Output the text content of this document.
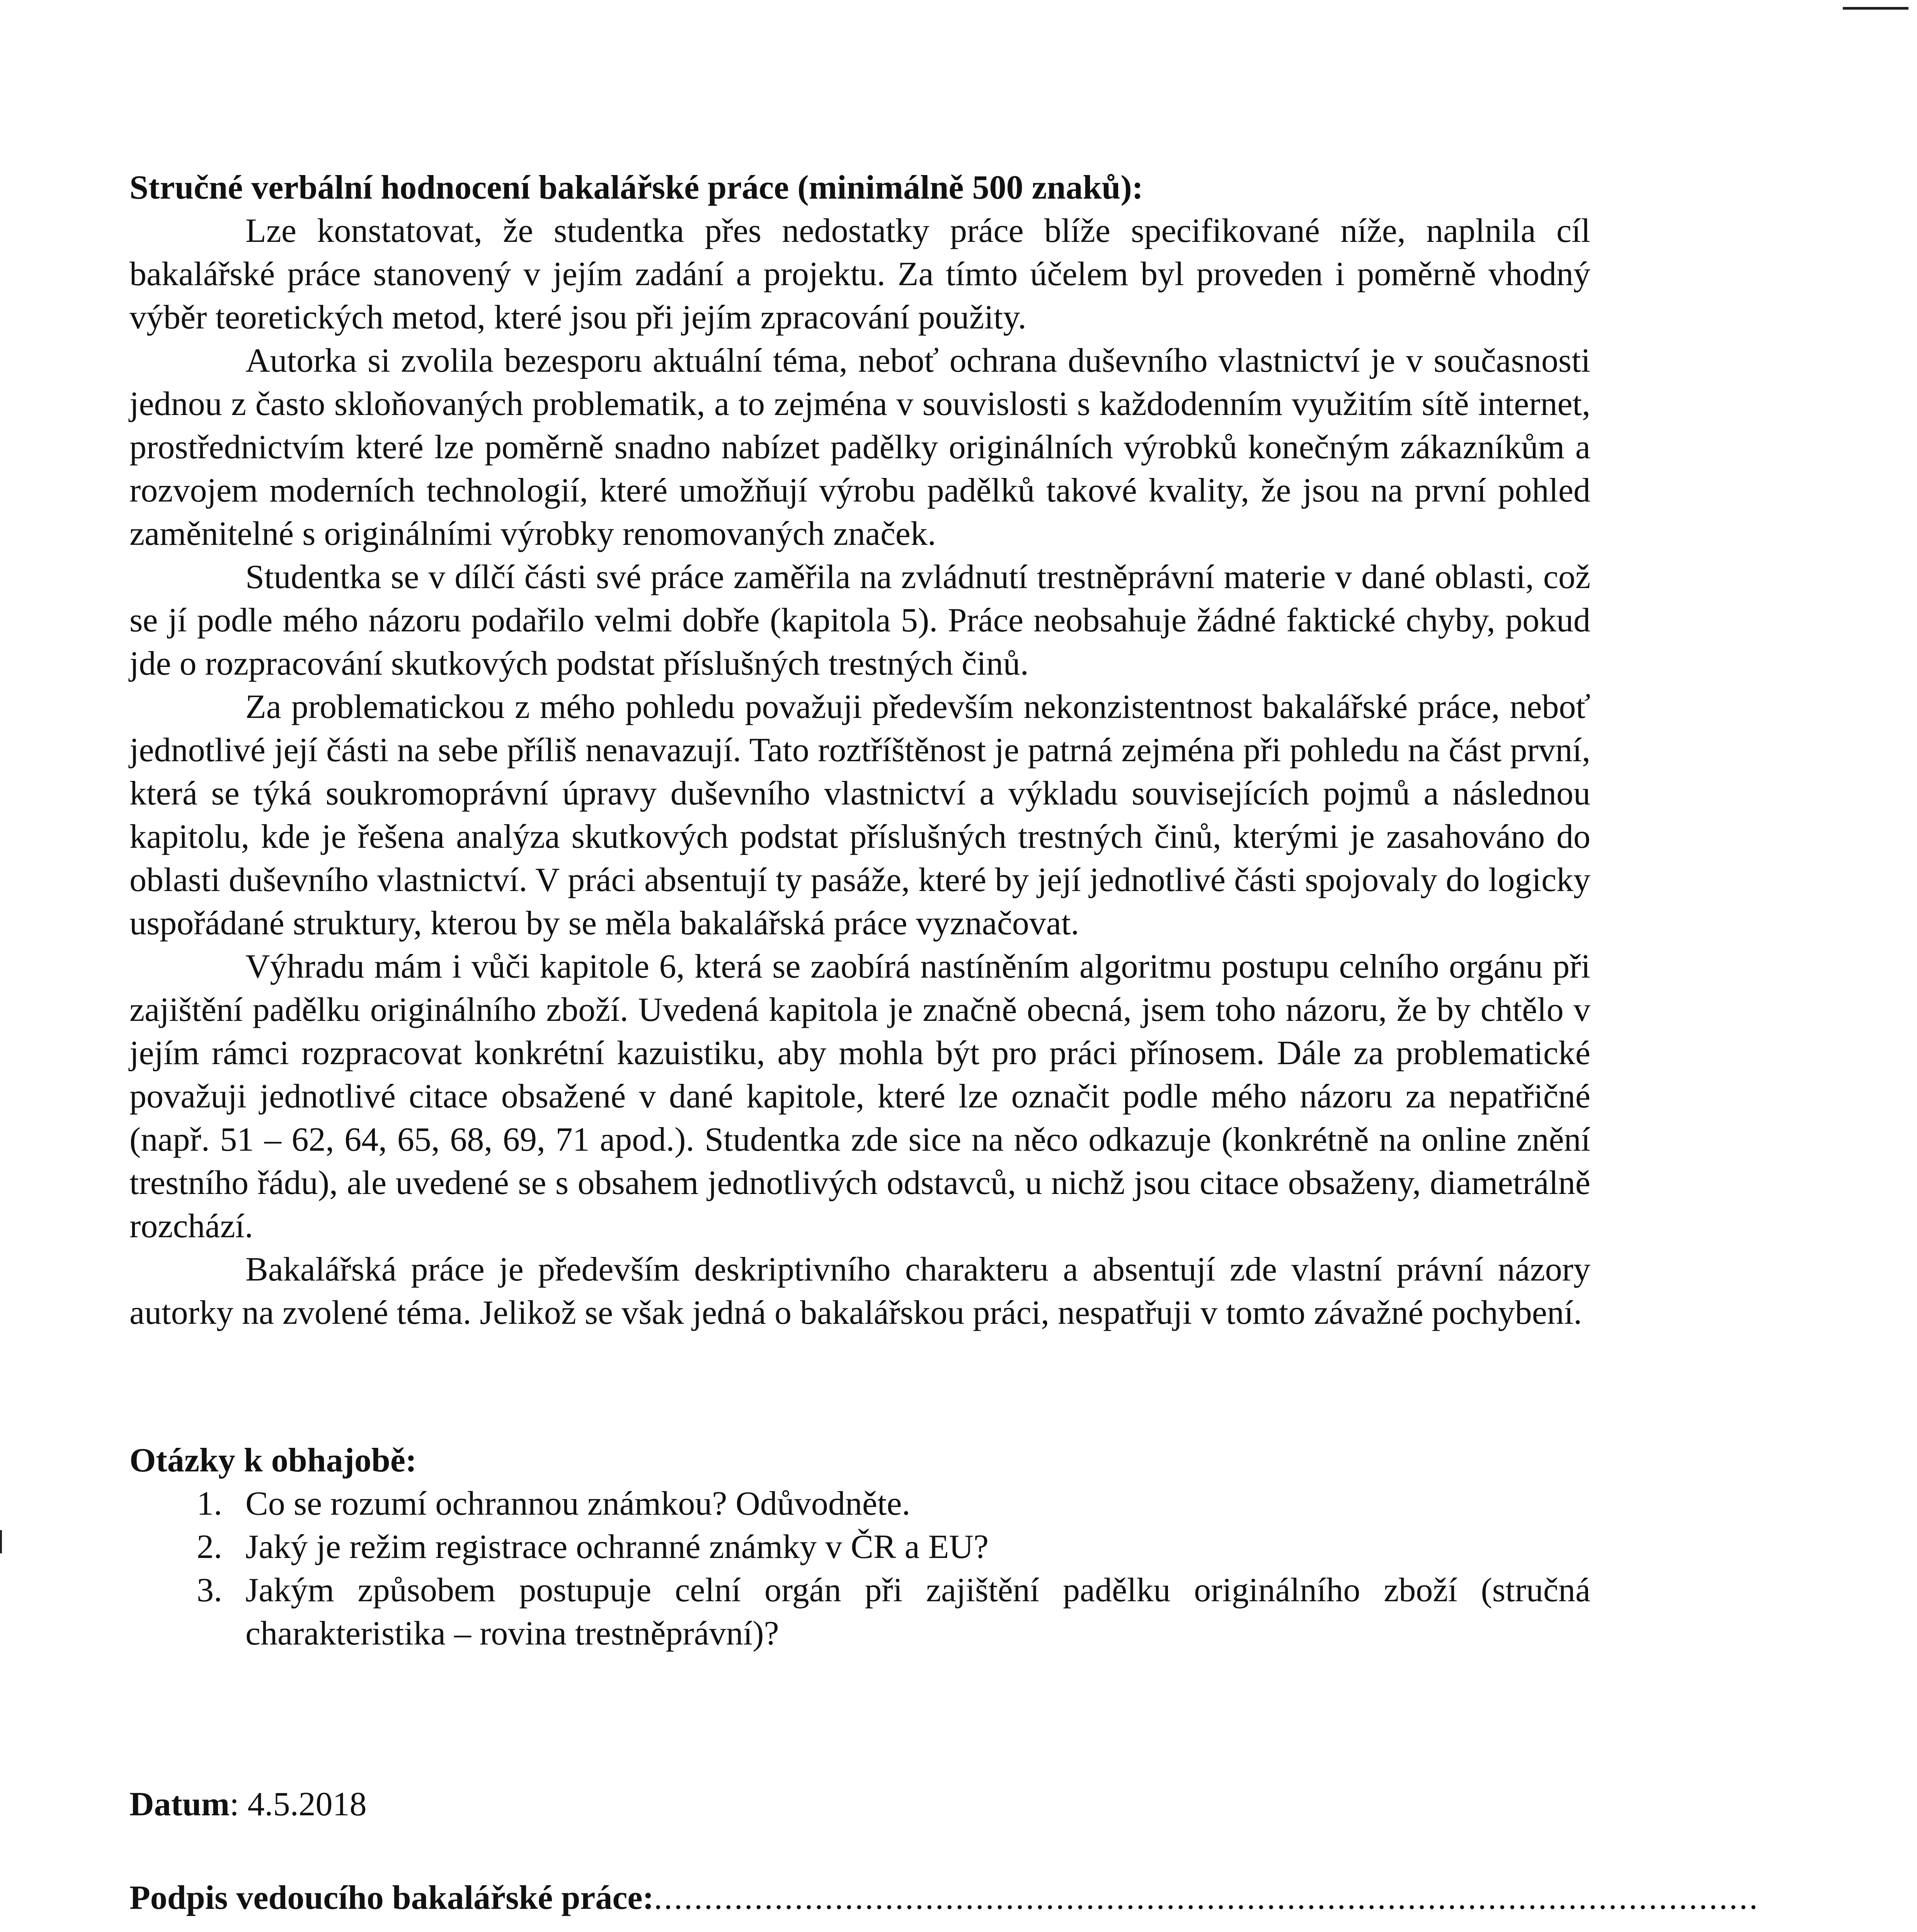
Stručné verbální hodnocení bakalářské práce (minimálně 500 znaků):

Lze konstatovat, že studentka přes nedostatky práce blíže specifikované níže, naplnila cíl bakalářské práce stanovený v jejím zadání a projektu. Za tímto účelem byl proveden i poměrně vhodný výběr teoretických metod, které jsou při jejím zpracování použity.

Autorka si zvolila bezesporu aktuální téma, neboť ochrana duševního vlastnictví je v současnosti jednou z často skloňovaných problematik, a to zejména v souvislosti s každodenním využitím sítě internet, prostřednictvím které lze poměrně snadno nabízet padělky originálních výrobků konečným zákazníkům a rozvojem moderních technologií, které umožňují výrobu padělků takové kvality, že jsou na první pohled zaměnitelné s originálními výrobky renomovaných značek.

Studentka se v dílčí části své práce zaměřila na zvládnutí trestněprávní materie v dané oblasti, což se jí podle mého názoru podařilo velmi dobře (kapitola 5). Práce neobsahuje žádné faktické chyby, pokud jde o rozpracování skutkových podstat příslušných trestných činů.

Za problematickou z mého pohledu považuji především nekonzistentnost bakalářské práce, neboť jednotlivé její části na sebe příliš nenavazují. Tato roztříštěnost je patrná zejména při pohledu na část první, která se týká soukromoprávní úpravy duševního vlastnictví a výkladu souvisejících pojmů a následnou kapitolu, kde je řešena analýza skutkových podstat příslušných trestných činů, kterými je zasahováno do oblasti duševního vlastnictví. V práci absentují ty pasáže, které by její jednotlivé části spojovaly do logicky uspořádané struktury, kterou by se měla bakalářská práce vyznačovat.

Výhradu mám i vůči kapitole 6, která se zaobírá nastíněním algoritmu postupu celního orgánu při zajištění padělku originálního zboží. Uvedená kapitola je značně obecná, jsem toho názoru, že by chtělo v jejím rámci rozpracovat konkrétní kazuistiku, aby mohla být pro práci přínosem. Dále za problematické považuji jednotlivé citace obsažené v dané kapitole, které lze označit podle mého názoru za nepatřičné (např. 51 – 62, 64, 65, 68, 69, 71 apod.). Studentka zde sice na něco odkazuje (konkrétně na online znění trestního řádu), ale uvedené se s obsahem jednotlivých odstavců, u nichž jsou citace obsaženy, diametrálně rozchází.

Bakalářská práce je především deskriptivního charakteru a absentují zde vlastní právní názory autorky na zvolené téma. Jelikož se však jedná o bakalářskou práci, nespatřuji v tomto závažné pochybení.

Otázky k obhajobě:

1. Co se rozumí ochrannou známkou? Odůvodněte.
2. Jaký je režim registrace ochranné známky v ČR a EU?
3. Jakým způsobem postupuje celní orgán při zajištění padělku originálního zboží (stručná charakteristika – rovina trestněprávní)?

Datum: 4.5.2018

Podpis vedoucího bakalářské práce:..............................................................................................................
